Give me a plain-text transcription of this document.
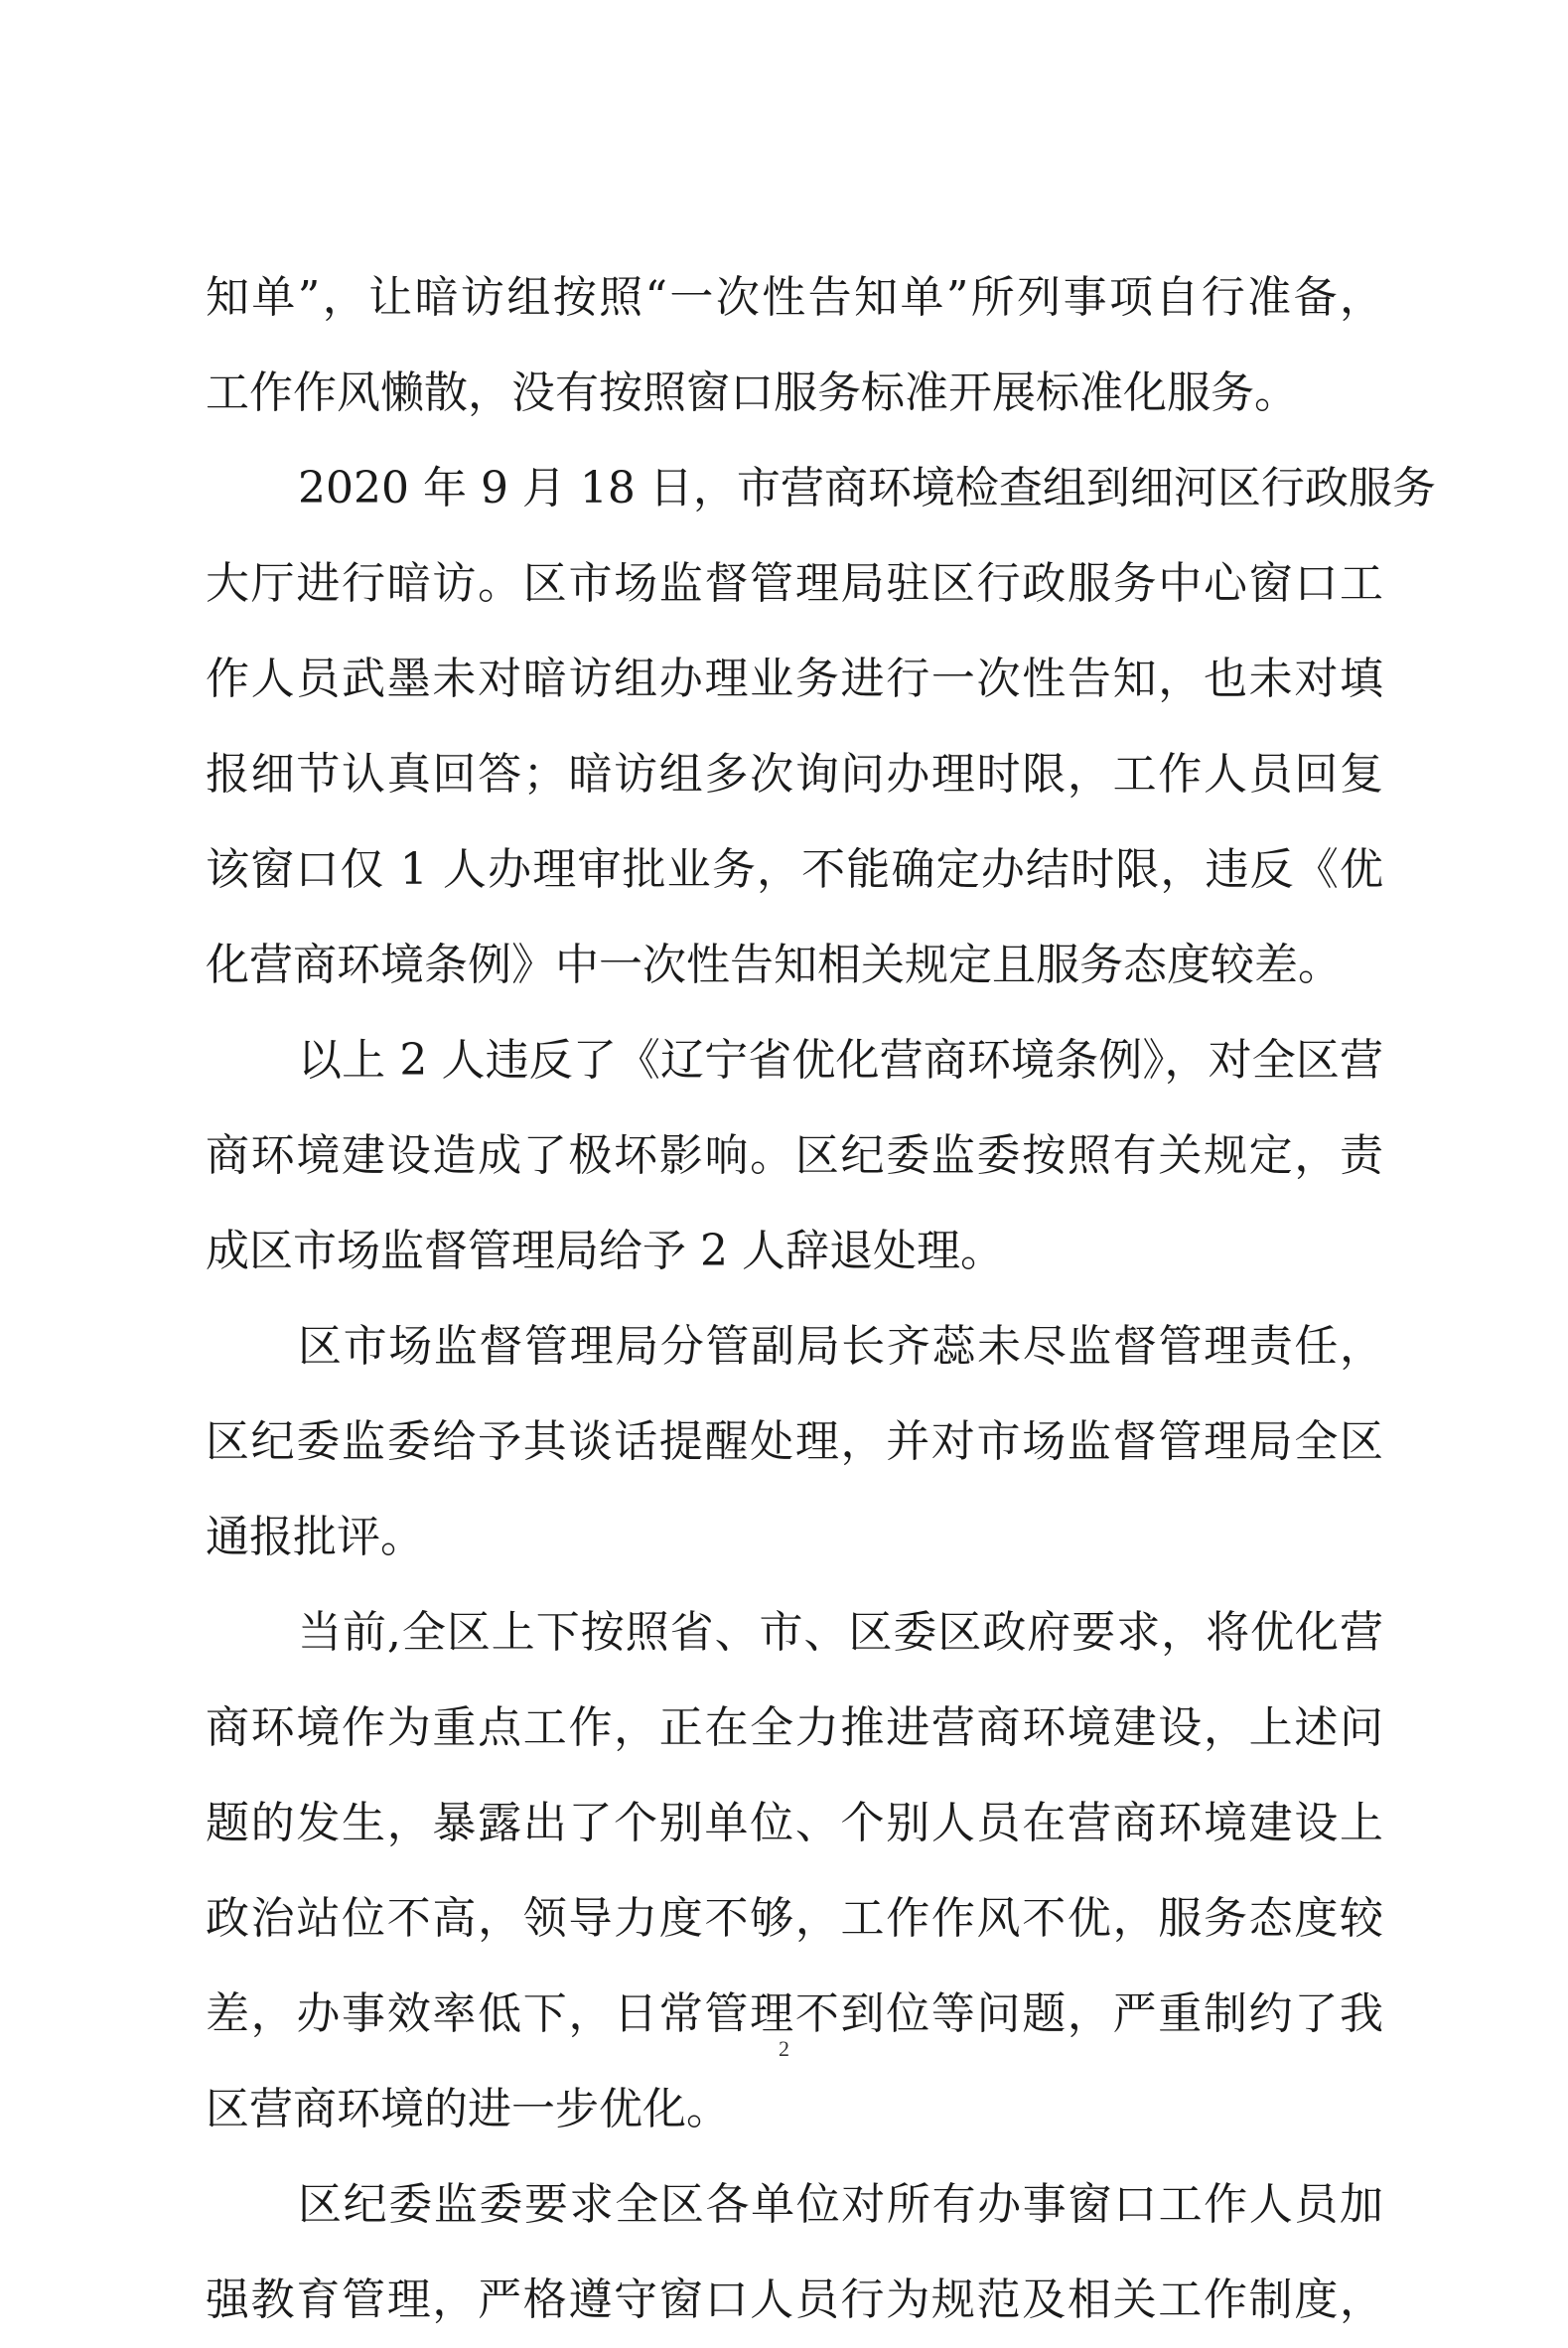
知单”，让暗访组按照“一次性告知单”所列事项自行准备，
工作作风懒散，没有按照窗口服务标准开展标准化服务。
2020 年 9 月 18 日，市营商环境检查组到细河区行政服务
大厅进行暗访。区市场监督管理局驻区行政服务中心窗口工
作人员武墨未对暗访组办理业务进行一次性告知，也未对填
报细节认真回答；暗访组多次询问办理时限，工作人员回复
该窗口仅 1 人办理审批业务，不能确定办结时限，违反《优
化营商环境条例》中一次性告知相关规定且服务态度较差。
以上 2 人违反了《辽宁省优化营商环境条例》，对全区营
商环境建设造成了极坏影响。区纪委监委按照有关规定，责
成区市场监督管理局给予 2 人辞退处理。
区市场监督管理局分管副局长齐蕊未尽监督管理责任，
区纪委监委给予其谈话提醒处理，并对市场监督管理局全区
通报批评。
当前,全区上下按照省、市、区委区政府要求，将优化营
商环境作为重点工作，正在全力推进营商环境建设，上述问
题的发生，暴露出了个别单位、个别人员在营商环境建设上
政治站位不高，领导力度不够，工作作风不优，服务态度较
差，办事效率低下，日常管理不到位等问题，严重制约了我
区营商环境的进一步优化。
区纪委监委要求全区各单位对所有办事窗口工作人员加
强教育管理，严格遵守窗口人员行为规范及相关工作制度，
2
